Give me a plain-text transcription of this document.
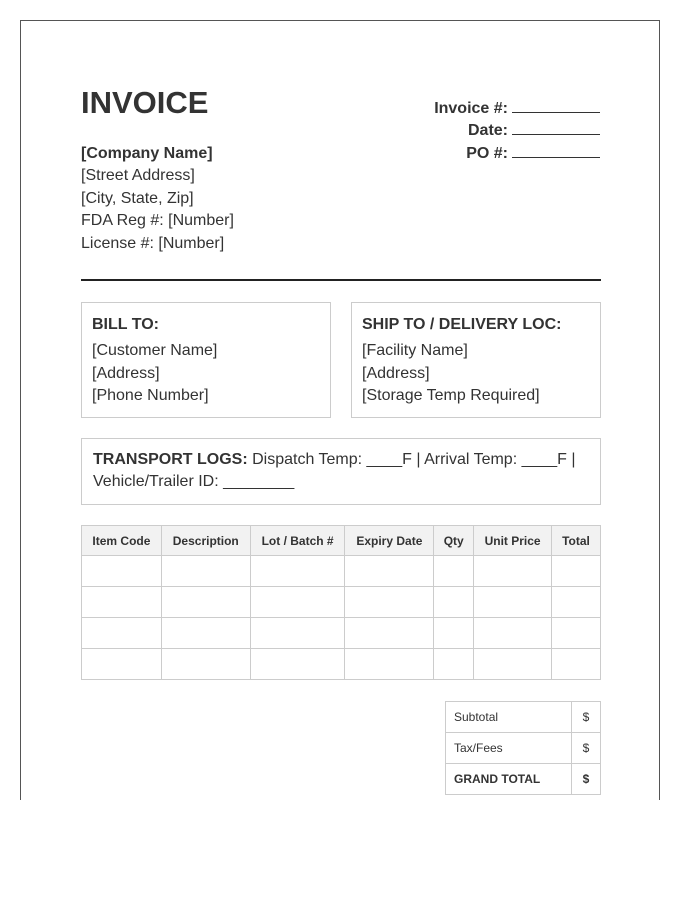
INVOICE
[Company Name]
[Street Address]
[City, State, Zip]
FDA Reg #: [Number]
License #: [Number]
Invoice #:
Date:
PO #:
BILL TO:
[Customer Name]
[Address]
[Phone Number]
SHIP TO / DELIVERY LOC:
[Facility Name]
[Address]
[Storage Temp Required]
TRANSPORT LOGS: Dispatch Temp: ____F | Arrival Temp: ____F | Vehicle/Trailer ID: ________
Item Code	Description	Lot / Batch #	Expiry Date	Qty	Unit Price	Total

Subtotal	$
Tax/Fees	$
GRAND TOTAL	$
